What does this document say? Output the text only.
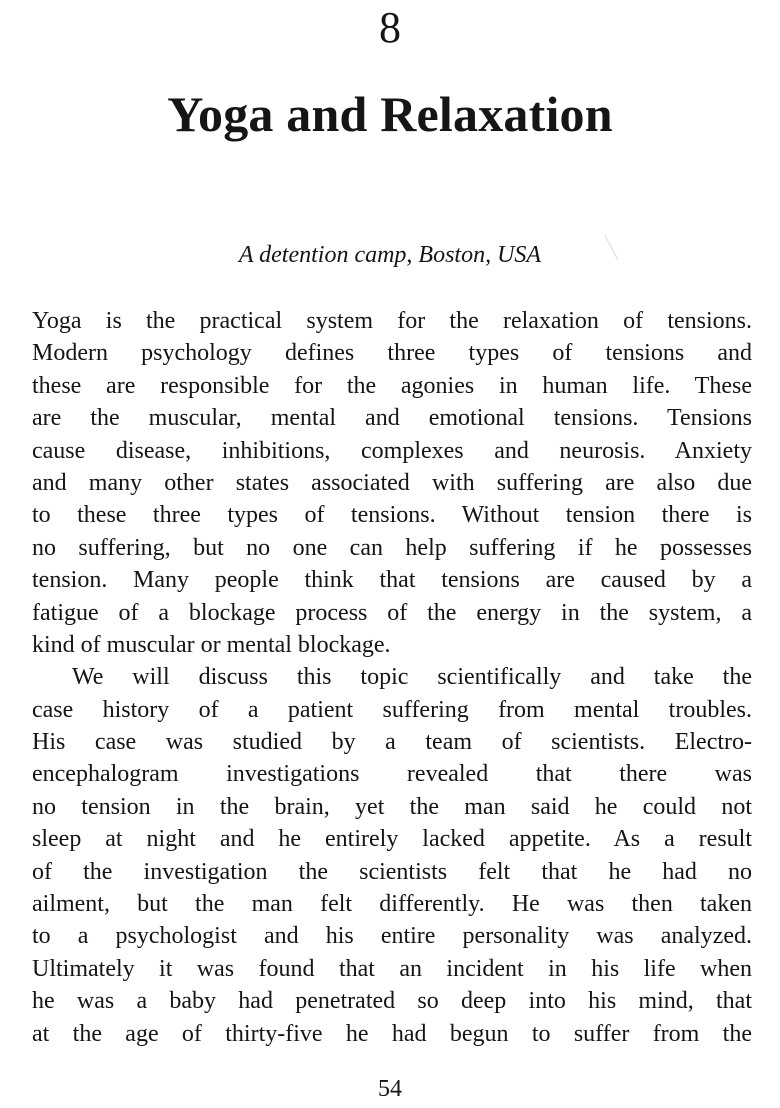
8
Yoga and Relaxation
A detention camp, Boston, USA
Yoga is the practical system for the relaxation of tensions.
Modern psychology defines three types of tensions and
these are responsible for the agonies in human life. These
are the muscular, mental and emotional tensions. Tensions
cause disease, inhibitions, complexes and neurosis. Anxiety
and many other states associated with suffering are also due
to these three types of tensions. Without tension there is
no suffering, but no one can help suffering if he possesses
tension. Many people think that tensions are caused by a
fatigue of a blockage process of the energy in the system, a
kind of muscular or mental blockage.
We will discuss this topic scientifically and take the
case history of a patient suffering from mental troubles.
His case was studied by a team of scientists. Electro-
encephalogram investigations revealed that there was
no tension in the brain, yet the man said he could not
sleep at night and he entirely lacked appetite. As a result
of the investigation the scientists felt that he had no
ailment, but the man felt differently. He was then taken
to a psychologist and his entire personality was analyzed.
Ultimately it was found that an incident in his life when
he was a baby had penetrated so deep into his mind, that
at the age of thirty-five he had begun to suffer from the
54
